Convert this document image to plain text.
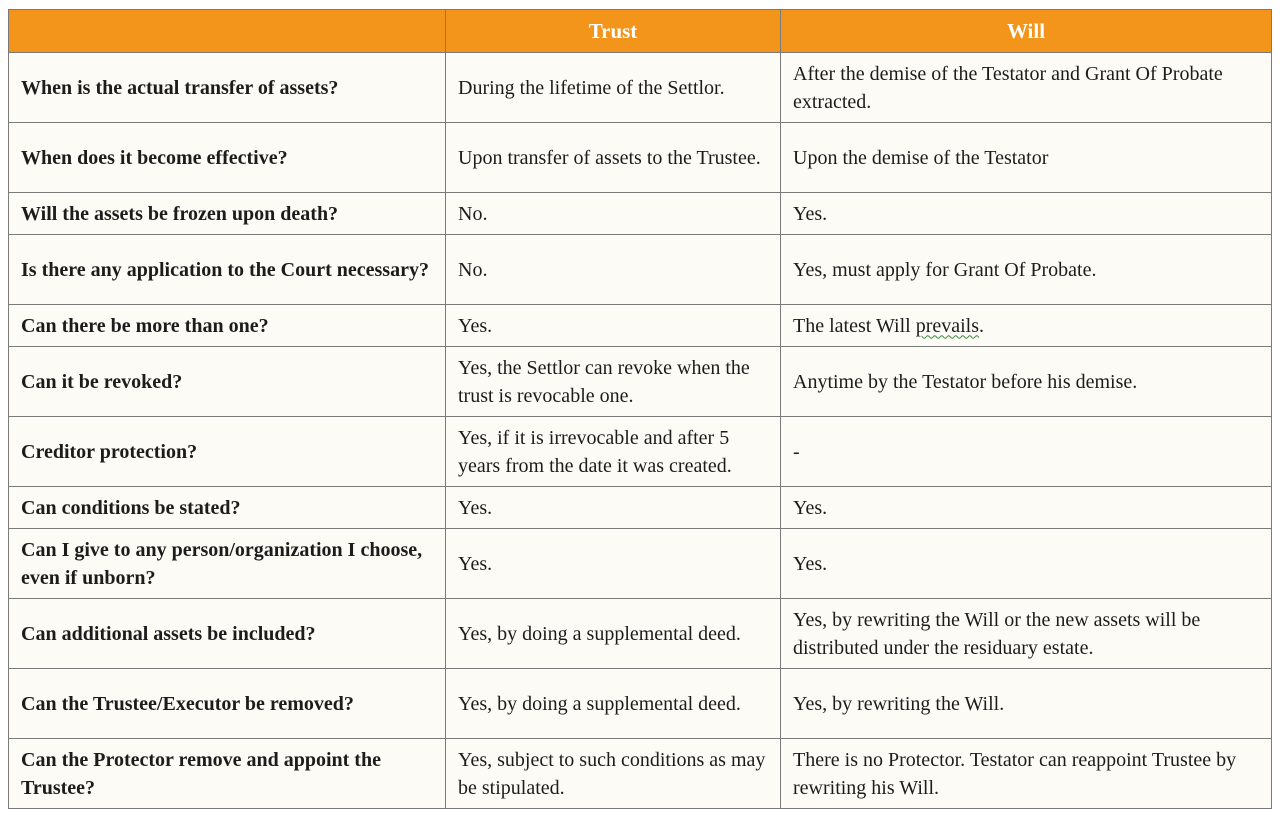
	Trust	Will
When is the actual transfer of assets?	During the lifetime of the Settlor.	After the demise of the Testator and Grant Of Probate extracted.
When does it become effective?	Upon transfer of assets to the Trustee.	Upon the demise of the Testator
Will the assets be frozen upon death?	No.	Yes.
Is there any application to the Court necessary?	No.	Yes, must apply for Grant Of Probate.
Can there be more than one?	Yes.	The latest Will prevails.
Can it be revoked?	Yes, the Settlor can revoke when the trust is revocable one.	Anytime by the Testator before his demise.
Creditor protection?	Yes, if it is irrevocable and after 5 years from the date it was created.	-
Can conditions be stated?	Yes.	Yes.
Can I give to any person/organization I choose, even if unborn?	Yes.	Yes.
Can additional assets be included?	Yes, by doing a supplemental deed.	Yes, by rewriting the Will or the new assets will be distributed under the residuary estate.
Can the Trustee/Executor be removed?	Yes, by doing a supplemental deed.	Yes, by rewriting the Will.
Can the Protector remove and appoint the Trustee?	Yes, subject to such conditions as may be stipulated.	There is no Protector. Testator can reappoint Trustee by rewriting his Will.
